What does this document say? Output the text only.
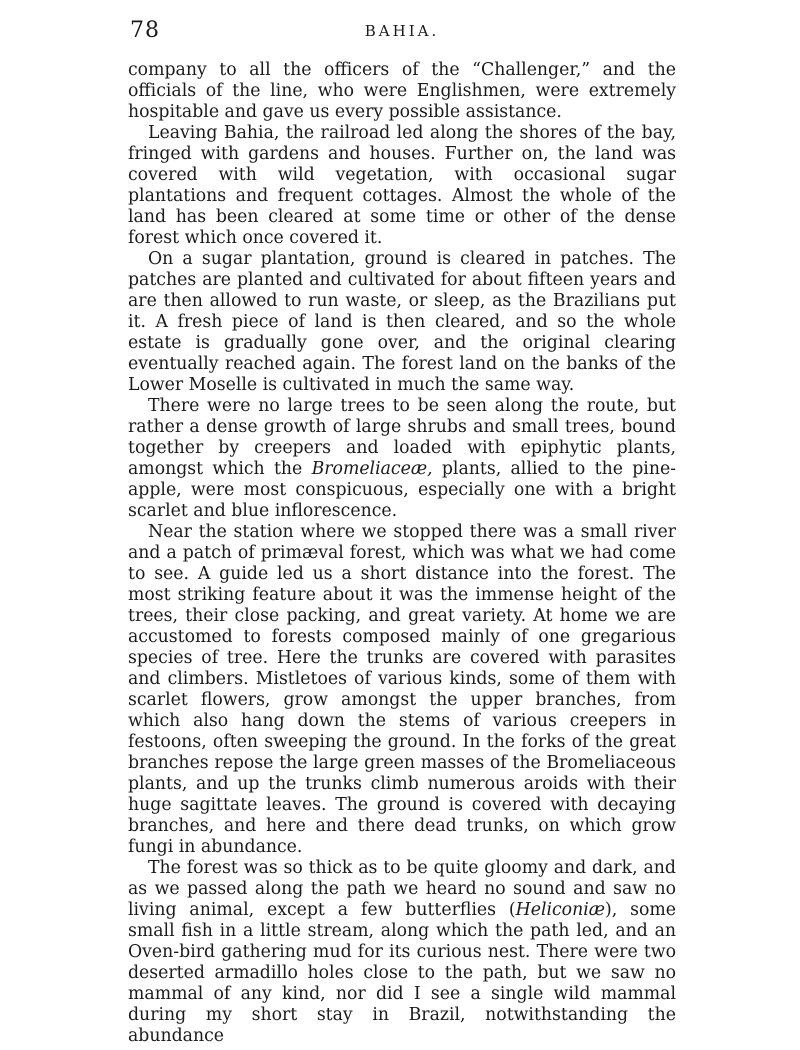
78	BAHIA.

company to all the officers of the “Challenger,” and the officials of the line, who were Englishmen, were extremely hospitable and gave us every possible assistance.

Leaving Bahia, the railroad led along the shores of the bay, fringed with gardens and houses. Further on, the land was covered with wild vegetation, with occasional sugar plantations and frequent cottages. Almost the whole of the land has been cleared at some time or other of the dense forest which once covered it.

On a sugar plantation, ground is cleared in patches. The patches are planted and cultivated for about fifteen years and are then allowed to run waste, or sleep, as the Brazilians put it. A fresh piece of land is then cleared, and so the whole estate is gradually gone over, and the original clearing eventually reached again. The forest land on the banks of the Lower Moselle is cultivated in much the same way.

There were no large trees to be seen along the route, but rather a dense growth of large shrubs and small trees, bound together by creepers and loaded with epiphytic plants, amongst which the Bromeliaceæ, plants, allied to the pine-apple, were most conspicuous, especially one with a bright scarlet and blue inflorescence.

Near the station where we stopped there was a small river and a patch of primæval forest, which was what we had come to see. A guide led us a short distance into the forest. The most striking feature about it was the immense height of the trees, their close packing, and great variety. At home we are accustomed to forests composed mainly of one gregarious species of tree. Here the trunks are covered with parasites and climbers. Mistletoes of various kinds, some of them with scarlet flowers, grow amongst the upper branches, from which also hang down the stems of various creepers in festoons, often sweeping the ground. In the forks of the great branches repose the large green masses of the Bromeliaceous plants, and up the trunks climb numerous aroids with their huge sagittate leaves. The ground is covered with decaying branches, and here and there dead trunks, on which grow fungi in abundance.

The forest was so thick as to be quite gloomy and dark, and as we passed along the path we heard no sound and saw no living animal, except a few butterflies (Heliconiæ), some small fish in a little stream, along which the path led, and an Oven-bird gathering mud for its curious nest. There were two deserted armadillo holes close to the path, but we saw no mammal of any kind, nor did I see a single wild mammal during my short stay in Brazil, notwithstanding the abundance
